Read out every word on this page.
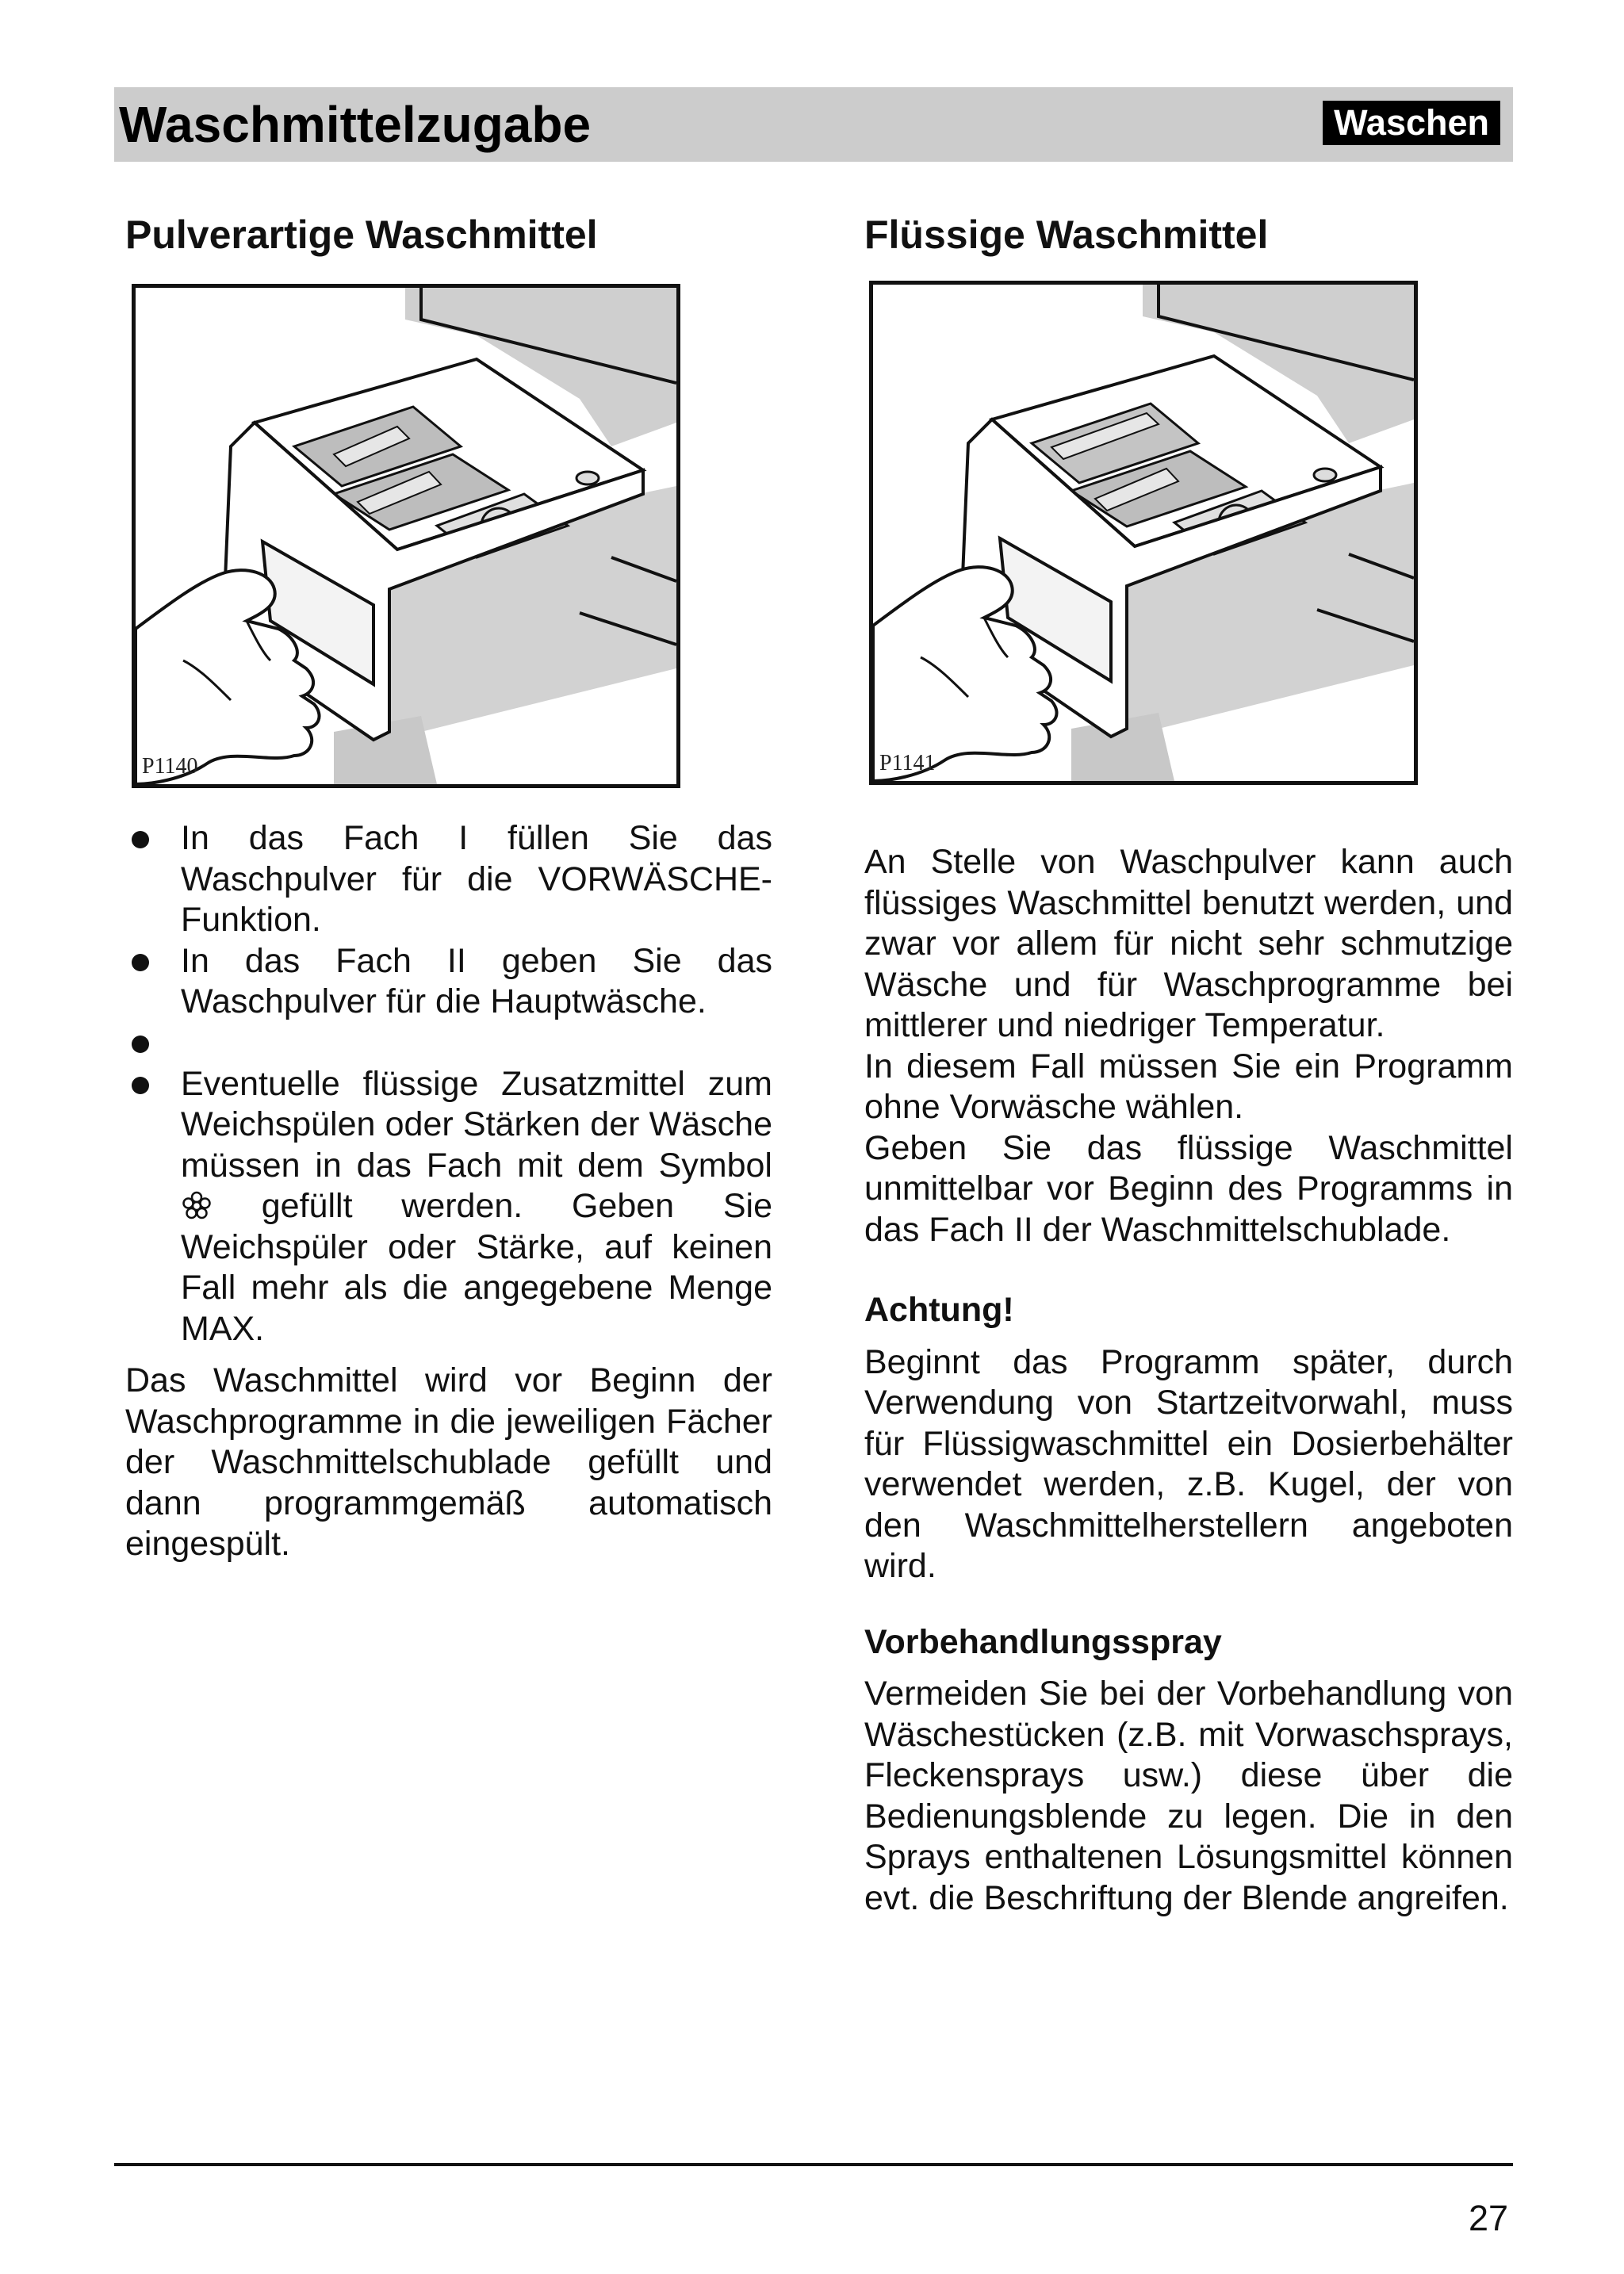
Waschmittelzugabe	Waschen
Pulverartige Waschmittel
P1140
In das Fach I füllen Sie das Waschpulver für die VORWÄSCHE-Funktion.
In das Fach II geben Sie das Waschpulver für die Hauptwäsche.
Eventuelle flüssige Zusatzmittel zum Weichspülen oder Stärken der Wäsche müssen in das Fach mit dem Symbol  gefüllt werden. Geben Sie Weichspüler oder Stärke, auf keinen Fall mehr als die angegebene Menge MAX.

Das Waschmittel wird vor Beginn der Waschprogramme in die jeweiligen Fächer der Waschmittelschublade gefüllt und dann programmgemäß automatisch eingespült.

Flüssige Waschmittel
P1141

An Stelle von Waschpulver kann auch flüssiges Waschmittel benutzt werden, und zwar vor allem für nicht sehr schmutzige Wäsche und für Waschprogramme bei mittlerer und niedriger Temperatur.

In diesem Fall müssen Sie ein Programm ohne Vorwäsche wählen.

Geben Sie das flüssige Waschmittel unmittelbar vor Beginn des Programms in das Fach II der Waschmittelschublade.

Achtung!

Beginnt das Programm später, durch Verwendung von Startzeitvorwahl, muss für Flüssigwaschmittel ein Dosierbehälter verwendet werden, z.B. Kugel, der von den Waschmittelherstellern angeboten wird.

Vorbehandlungsspray

Vermeiden Sie bei der Vorbehandlung von Wäschestücken (z.B. mit Vorwaschsprays, Fleckensprays usw.) diese über die Bedienungsblende zu legen. Die in den Sprays enthaltenen Lösungsmittel können evt. die Beschriftung der Blende angreifen.

27
